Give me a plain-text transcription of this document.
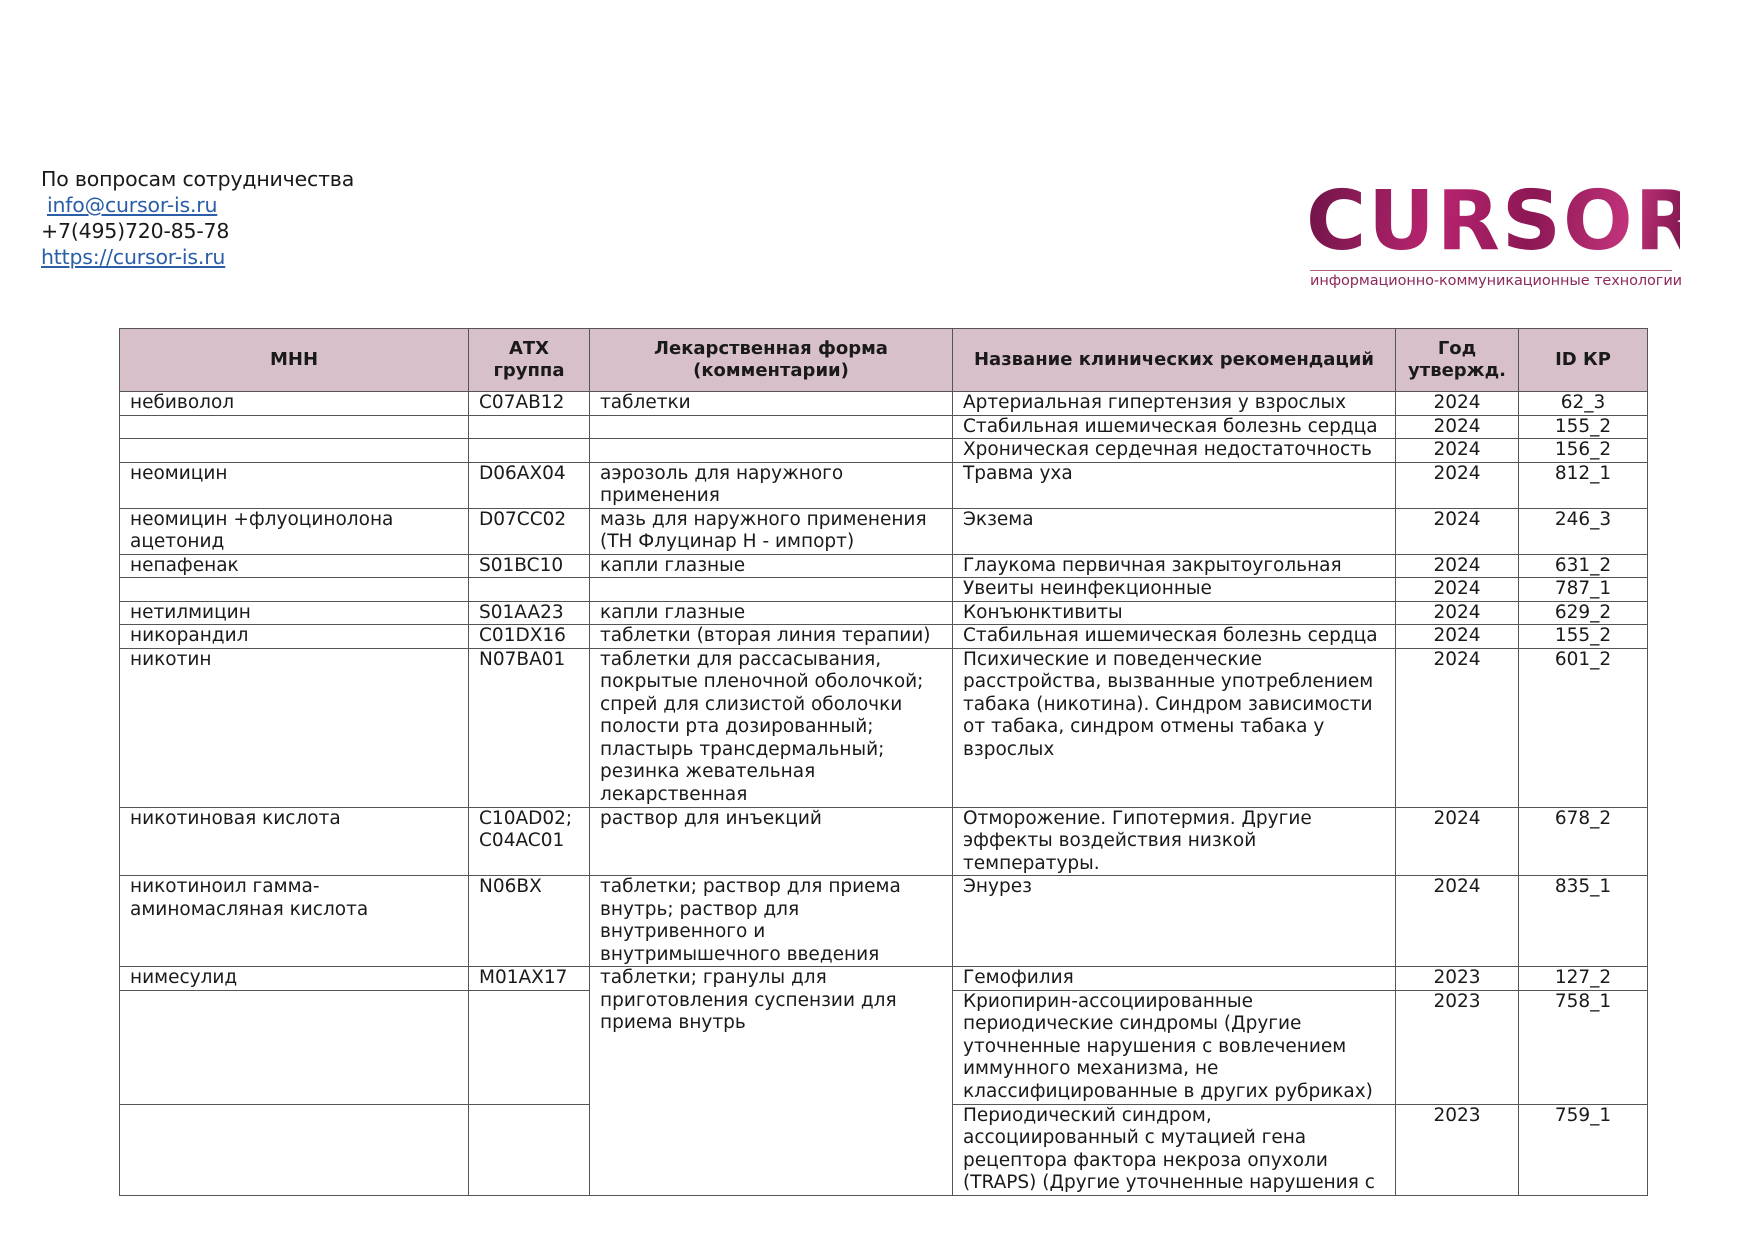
По вопросам сотрудничества
info@cursor-is.ru
+7(495)720-85-78
https://cursor-is.ru	CURSOR
информационно-коммуникационные технологии
МНН	АТХ группа	Лекарственная форма (комментарии)	Название клинических рекомендаций	Год утвержд.	ID КР
небиволол	C07AB12	таблетки	Артериальная гипертензия у взрослых	2024	62_3
			Стабильная ишемическая болезнь сердца	2024	155_2
			Хроническая сердечная недостаточность	2024	156_2
неомицин	D06AX04	аэрозоль для наружного применения	Травма уха	2024	812_1
неомицин +флуоцинолона ацетонид	D07CC02	мазь для наружного применения (ТН Флуцинар Н - импорт)	Экзема	2024	246_3
непафенак	S01BC10	капли глазные	Глаукома первичная закрытоугольная	2024	631_2
			Увеиты неинфекционные	2024	787_1
нетилмицин	S01AA23	капли глазные	Конъюнктивиты	2024	629_2
никорандил	C01DX16	таблетки (вторая линия терапии)	Стабильная ишемическая болезнь сердца	2024	155_2
никотин	N07BA01	таблетки для рассасывания, покрытые пленочной оболочкой; спрей для слизистой оболочки полости рта дозированный; пластырь трансдермальный; резинка жевательная лекарственная	Психические и поведенческие расстройства, вызванные употреблением табака (никотина). Синдром зависимости от табака, синдром отмены табака у взрослых	2024	601_2
никотиновая кислота	C10AD02; C04AC01	раствор для инъекций	Отморожение. Гипотермия. Другие эффекты воздействия низкой температуры.	2024	678_2
никотиноил гамма-аминомасляная кислота	N06BX	таблетки; раствор для приема внутрь; раствор для внутривенного и внутримышечного введения	Энурез	2024	835_1
нимесулид	M01AX17	таблетки; гранулы для приготовления суспензии для приема внутрь	Гемофилия	2023	127_2
			Криопирин-ассоциированные периодические синдромы (Другие уточненные нарушения с вовлечением иммунного механизма, не классифицированные в других рубриках)	2023	758_1
			Периодический синдром, ассоциированный с мутацией гена рецептора фактора некроза опухоли (TRAPS) (Другие уточненные нарушения с	2023	759_1
